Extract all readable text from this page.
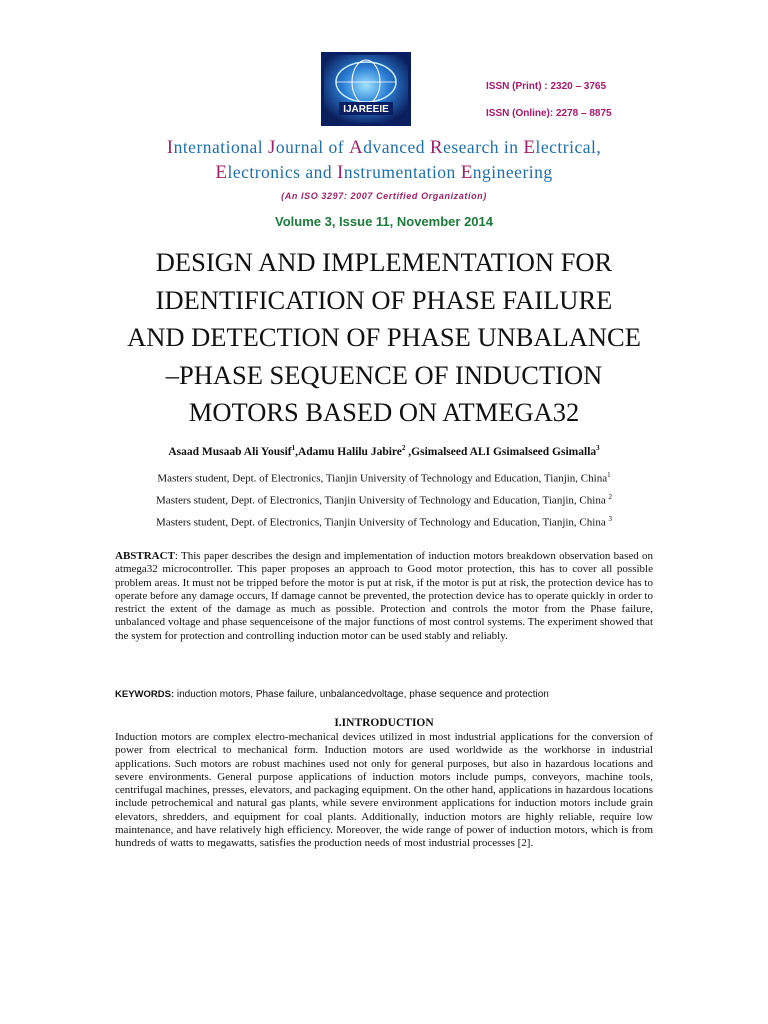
IJAREEIE
ISSN (Print) : 2320 – 3765
ISSN (Online): 2278 – 8875
International Journal of Advanced Research in Electrical,
Electronics and Instrumentation Engineering
(An ISO 3297: 2007 Certified Organization)
Volume 3, Issue 11, November 2014
DESIGN AND IMPLEMENTATION FOR
IDENTIFICATION OF PHASE FAILURE
AND DETECTION OF PHASE UNBALANCE
–PHASE SEQUENCE OF INDUCTION
MOTORS BASED ON ATMEGA32
Asaad Musaab Ali Yousif$^1$,Adamu Halilu Jabire$^2$ ,Gsimalseed ALI Gsimalseed Gsimalla$^3$
Masters student, Dept. of Electronics, Tianjin University of Technology and Education, Tianjin, China$^1$
Masters student, Dept. of Electronics, Tianjin University of Technology and Education, Tianjin, China $^2$
Masters student, Dept. of Electronics, Tianjin University of Technology and Education, Tianjin, China $^3$
ABSTRACT: This paper describes the design and implementation of induction motors breakdown observation based on atmega32 microcontroller. This paper proposes an approach to Good motor protection, this has to cover all possible problem areas. It must not be tripped before the motor is put at risk, if the motor is put at risk, the protection device has to operate before any damage occurs, If damage cannot be prevented, the protection device has to operate quickly in order to restrict the extent of the damage as much as possible. Protection and controls the motor from the Phase failure, unbalanced voltage and phase sequenceisone of the major functions of most control systems. The experiment showed that the system for protection and controlling induction motor can be used stably and reliably.
KEYWORDS: induction motors, Phase failure, unbalancedvoltage, phase sequence and protection
I.INTRODUCTION
Induction motors are complex electro-mechanical devices utilized in most industrial applications for the conversion of power from electrical to mechanical form. Induction motors are used worldwide as the workhorse in industrial applications. Such motors are robust machines used not only for general purposes, but also in hazardous locations and severe environments. General purpose applications of induction motors include pumps, conveyors, machine tools, centrifugal machines, presses, elevators, and packaging equipment. On the other hand, applications in hazardous locations include petrochemical and natural gas plants, while severe environment applications for induction motors include grain elevators, shredders, and equipment for coal plants. Additionally, induction motors are highly reliable, require low maintenance, and have relatively high efficiency. Moreover, the wide range of power of induction motors, which is from hundreds of watts to megawatts, satisfies the production needs of most industrial processes [2].
